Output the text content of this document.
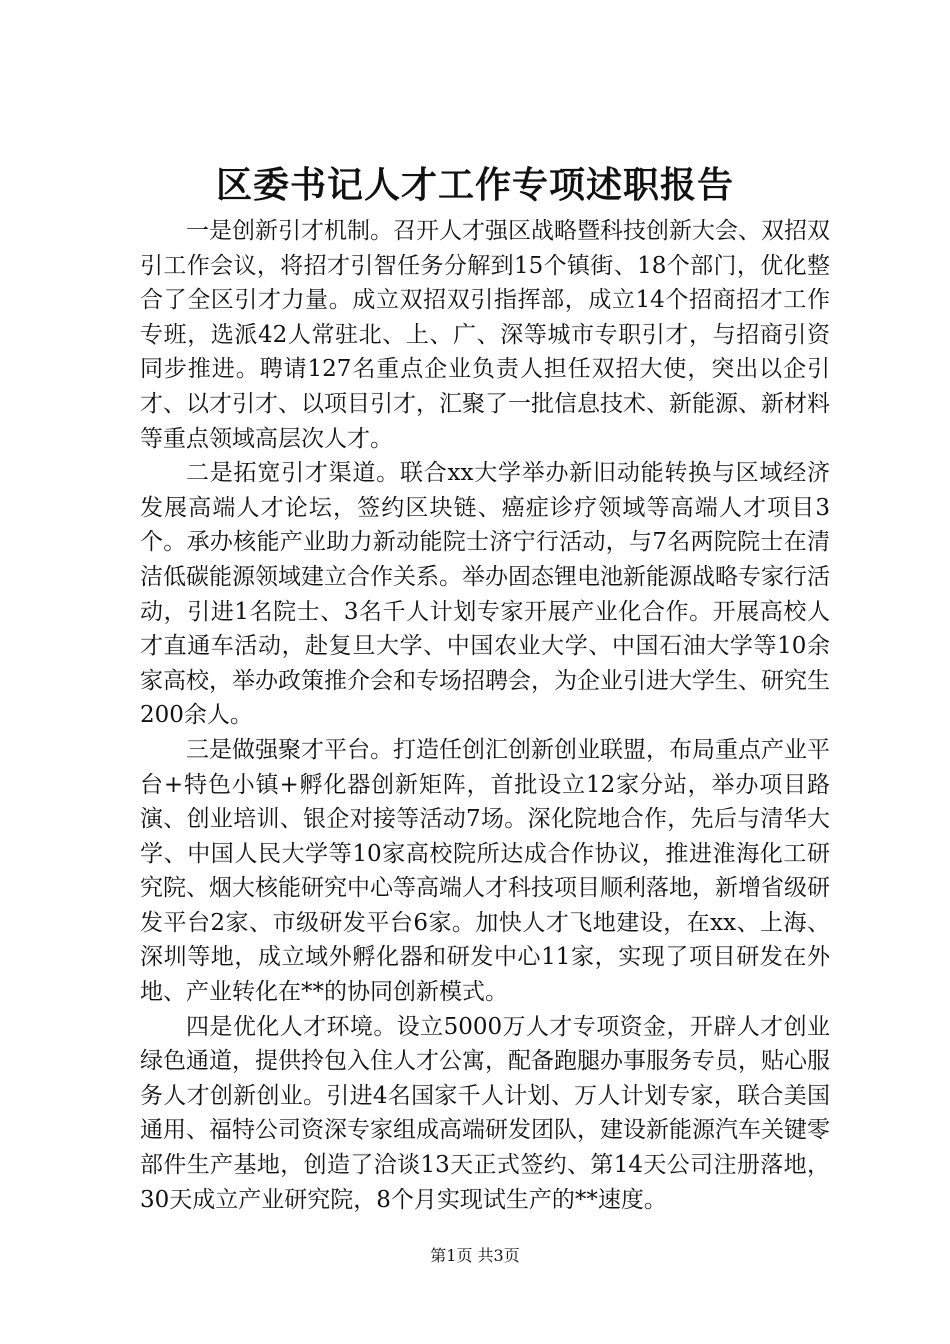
区委书记人才工作专项述职报告

一是创新引才机制。召开人才强区战略暨科技创新大会、双招双引工作会议，将招才引智任务分解到15个镇街、18个部门，优化整合了全区引才力量。成立双招双引指挥部，成立14个招商招才工作专班，选派42人常驻北、上、广、深等城市专职引才，与招商引资同步推进。聘请127名重点企业负责人担任双招大使，突出以企引才、以才引才、以项目引才，汇聚了一批信息技术、新能源、新材料等重点领域高层次人才。

二是拓宽引才渠道。联合xx大学举办新旧动能转换与区域经济发展高端人才论坛，签约区块链、癌症诊疗领域等高端人才项目3个。承办核能产业助力新动能院士济宁行活动，与7名两院院士在清洁低碳能源领域建立合作关系。举办固态锂电池新能源战略专家行活动，引进1名院士、3名千人计划专家开展产业化合作。开展高校人才直通车活动，赴复旦大学、中国农业大学、中国石油大学等10余家高校，举办政策推介会和专场招聘会，为企业引进大学生、研究生200余人。

三是做强聚才平台。打造任创汇创新创业联盟，布局重点产业平台+特色小镇+孵化器创新矩阵，首批设立12家分站，举办项目路演、创业培训、银企对接等活动7场。深化院地合作，先后与清华大学、中国人民大学等10家高校院所达成合作协议，推进淮海化工研究院、烟大核能研究中心等高端人才科技项目顺利落地，新增省级研发平台2家、市级研发平台6家。加快人才飞地建设，在xx、上海、深圳等地，成立域外孵化器和研发中心11家，实现了项目研发在外地、产业转化在**的协同创新模式。

四是优化人才环境。设立5000万人才专项资金，开辟人才创业绿色通道，提供拎包入住人才公寓，配备跑腿办事服务专员，贴心服务人才创新创业。引进4名国家千人计划、万人计划专家，联合美国通用、福特公司资深专家组成高端研发团队，建设新能源汽车关键零部件生产基地，创造了洽谈13天正式签约、第14天公司注册落地，30天成立产业研究院，8个月实现试生产的**速度。

第1页 共3页
